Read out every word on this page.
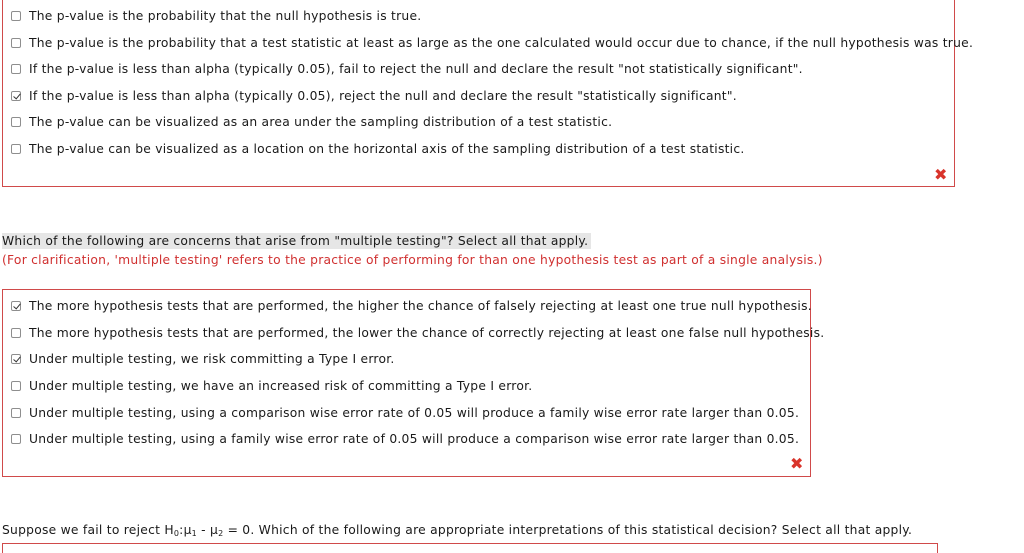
The p-value is the probability that the null hypothesis is true.
The p-value is the probability that a test statistic at least as large as the one calculated would occur due to chance, if the null hypothesis was true.
If the p-value is less than alpha (typically 0.05), fail to reject the null and declare the result "not statistically significant".
If the p-value is less than alpha (typically 0.05), reject the null and declare the result "statistically significant".
The p-value can be visualized as an area under the sampling distribution of a test statistic.
The p-value can be visualized as a location on the horizontal axis of the sampling distribution of a test statistic.
✖
Which of the following are concerns that arise from "multiple testing"? Select all that apply.
(For clarification, 'multiple testing' refers to the practice of performing for than one hypothesis test as part of a single analysis.)
The more hypothesis tests that are performed, the higher the chance of falsely rejecting at least one true null hypothesis.
The more hypothesis tests that are performed, the lower the chance of correctly rejecting at least one false null hypothesis.
Under multiple testing, we risk committing a Type I error.
Under multiple testing, we have an increased risk of committing a Type I error.
Under multiple testing, using a comparison wise error rate of 0.05 will produce a family wise error rate larger than 0.05.
Under multiple testing, using a family wise error rate of 0.05 will produce a comparison wise error rate larger than 0.05.
✖
Suppose we fail to reject $H_0:\mu_1 - \mu_2 = 0$. Which of the following are appropriate interpretations of this statistical decision? Select all that apply.
